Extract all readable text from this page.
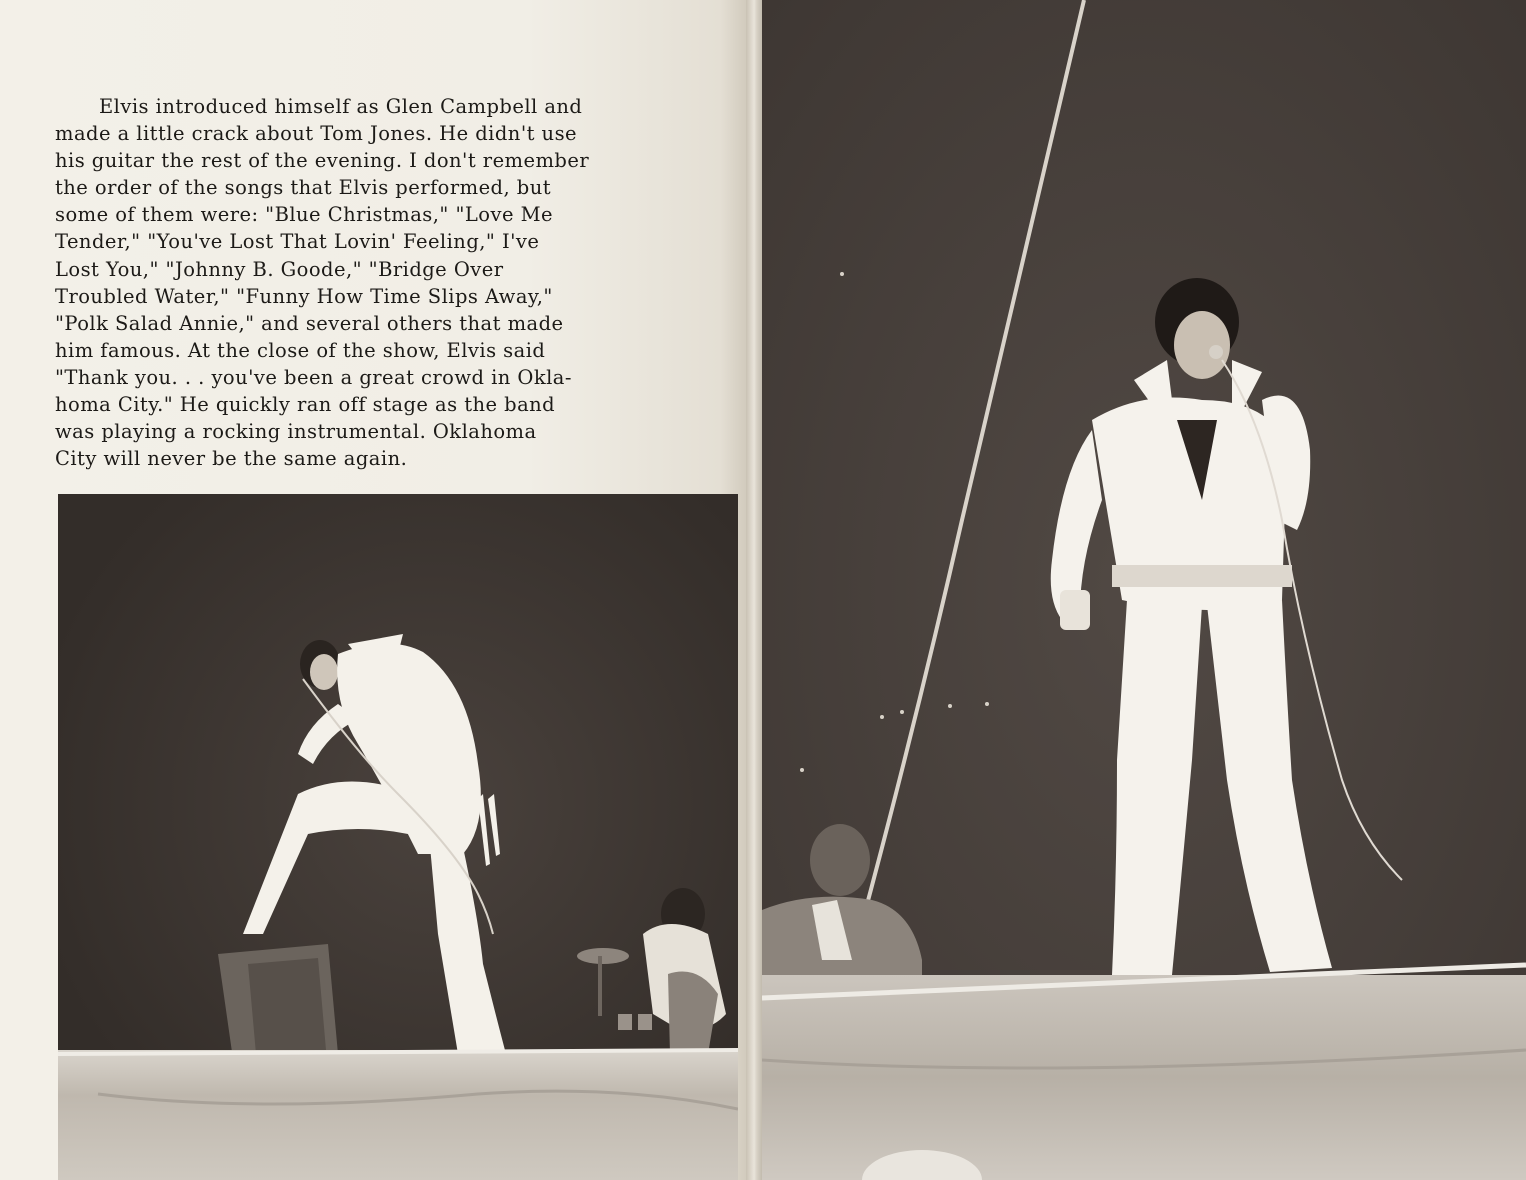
Elvis introduced himself as Glen Campbell and
made a little crack about Tom Jones. He didn't use
his guitar the rest of the evening. I don't remember
the order of the songs that Elvis performed, but
some of them were: "Blue Christmas," "Love Me
Tender," "You've Lost That Lovin' Feeling," I've
Lost You," "Johnny B. Goode," "Bridge Over
Troubled Water," "Funny How Time Slips Away,"
"Polk Salad Annie," and several others that made
him famous. At the close of the show, Elvis said
"Thank you. . . you've been a great crowd in Okla-
homa City." He quickly ran off stage as the band
was playing a rocking instrumental. Oklahoma
City will never be the same again.
